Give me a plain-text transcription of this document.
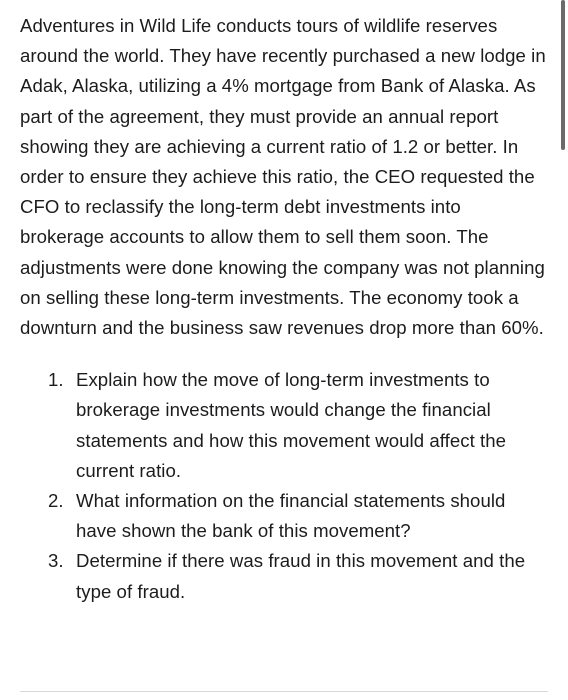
Adventures in Wild Life conducts tours of wildlife reserves around the world. They have recently purchased a new lodge in Adak, Alaska, utilizing a 4% mortgage from Bank of Alaska. As part of the agreement, they must provide an annual report showing they are achieving a current ratio of 1.2 or better. In order to ensure they achieve this ratio, the CEO requested the CFO to reclassify the long-term debt investments into brokerage accounts to allow them to sell them soon. The adjustments were done knowing the company was not planning on selling these long-term investments. The economy took a downturn and the business saw revenues drop more than 60%.

1. Explain how the move of long-term investments to brokerage investments would change the financial statements and how this movement would affect the current ratio.
2. What information on the financial statements should have shown the bank of this movement?
3. Determine if there was fraud in this movement and the type of fraud.
